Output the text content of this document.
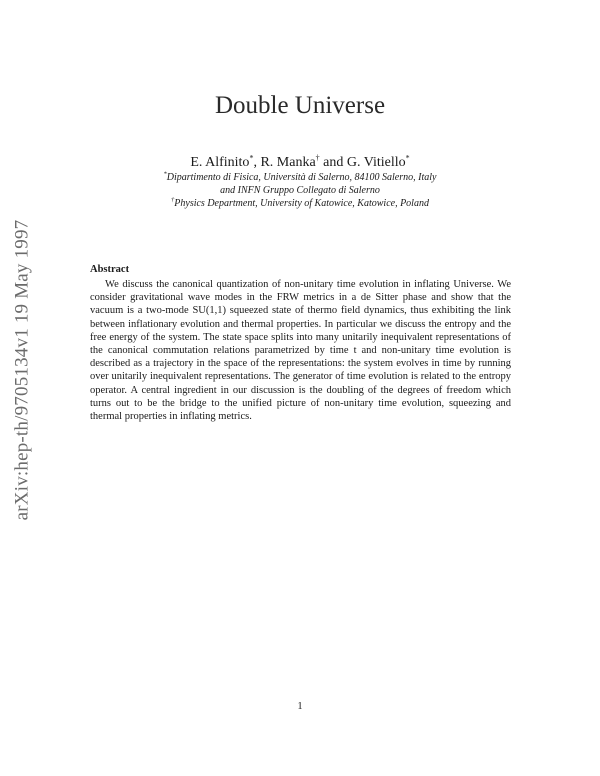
arXiv:hep-th/9705134v1 19 May 1997
Double Universe

E. Alfinito*, R. Manka† and G. Vitiello*

*Dipartimento di Fisica, Università di Salerno, 84100 Salerno, Italy

and INFN Gruppo Collegato di Salerno

†Physics Department, University of Katowice, Katowice, Poland

Abstract

We discuss the canonical quantization of non-unitary time evolution in inflating Universe. We consider gravitational wave modes in the FRW metrics in a de Sitter phase and show that the vacuum is a two-mode SU(1,1) squeezed state of thermo field dynamics, thus exhibiting the link between inflationary evolution and thermal properties. In particular we discuss the entropy and the free energy of the system. The state space splits into many unitarily inequivalent representations of the canonical commutation relations parametrized by time t and non-unitary time evolution is described as a trajectory in the space of the representations: the system evolves in time by running over unitarily inequivalent representations. The generator of time evolution is related to the entropy operator. A central ingredient in our discussion is the doubling of the degrees of freedom which turns out to be the bridge to the unified picture of non-unitary time evolution, squeezing and thermal properties in inflating metrics.

1
